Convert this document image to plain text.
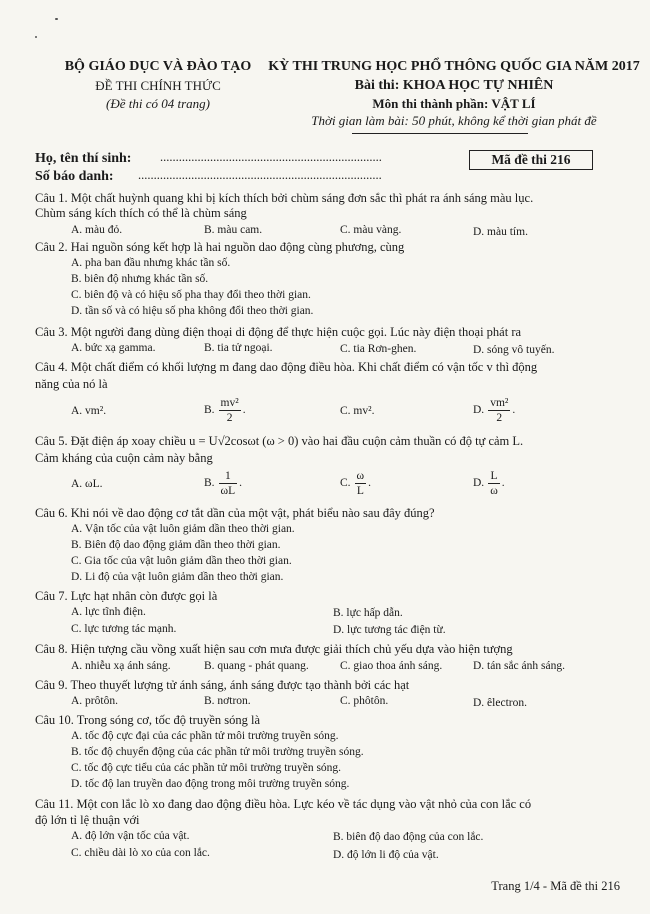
BỘ GIÁO DỤC VÀ ĐÀO TẠO
ĐỀ THI CHÍNH THỨC
(Đề thi có 04 trang)
KỲ THI TRUNG HỌC PHỔ THÔNG QUỐC GIA NĂM 2017
Bài thi: KHOA HỌC TỰ NHIÊN
Môn thi thành phần: VẬT LÍ
Thời gian làm bài: 50 phút, không kể thời gian phát đề
Họ, tên thí sinh: .......................................................................
Số báo danh: ..............................................................................
Mã đề thi 216
Câu 1. Một chất huỳnh quang khi bị kích thích bởi chùm sáng đơn sắc thì phát ra ánh sáng màu lục.
Chùm sáng kích thích có thể là chùm sáng
A. màu đỏ.	B. màu cam.	C. màu vàng.	D. màu tím.
Câu 2. Hai nguồn sóng kết hợp là hai nguồn dao động cùng phương, cùng
A. pha ban đầu nhưng khác tần số.
B. biên độ nhưng khác tần số.
C. biên độ và có hiệu số pha thay đổi theo thời gian.
D. tần số và có hiệu số pha không đổi theo thời gian.
Câu 3. Một người đang dùng điện thoại di động để thực hiện cuộc gọi. Lúc này điện thoại phát ra
A. bức xạ gamma.	B. tia tử ngoại.	C. tia Rơn-ghen.	D. sóng vô tuyến.
Câu 4. Một chất điểm có khối lượng m đang dao động điều hòa. Khi chất điểm có vận tốc v thì động
năng của nó là
A. vm².	B. $\frac{\text{mv²}}{2}$ .	C. mv².	D. $\frac{\text{vm²}}{2}$ .
Câu 5. Đặt điện áp xoay chiều u = U√2cosωt (ω > 0) vào hai đầu cuộn cảm thuần có độ tự cảm L.
Cảm kháng của cuộn cảm này bằng
A. ωL.	B. $\frac{1}{\omega L}$ .	C. $\frac{\omega}{L}$ .	D. $\frac{L}{\omega}$ .
Câu 6. Khi nói về dao động cơ tắt dần của một vật, phát biểu nào sau đây đúng?
A. Vận tốc của vật luôn giảm dần theo thời gian.
B. Biên độ dao động giảm dần theo thời gian.
C. Gia tốc của vật luôn giảm dần theo thời gian.
D. Li độ của vật luôn giảm dần theo thời gian.
Câu 7. Lực hạt nhân còn được gọi là
A. lực tĩnh điện.	B. lực hấp dẫn.
C. lực tương tác mạnh.	D. lực tương tác điện từ.
Câu 8. Hiện tượng cầu vồng xuất hiện sau cơn mưa được giải thích chủ yếu dựa vào hiện tượng
A. nhiễu xạ ánh sáng.	B. quang - phát quang.	C. giao thoa ánh sáng.	D. tán sắc ánh sáng.
Câu 9. Theo thuyết lượng tử ánh sáng, ánh sáng được tạo thành bởi các hạt
A. prôtôn.	B. nơtron.	C. phôtôn.	D. êlectron.
Câu 10. Trong sóng cơ, tốc độ truyền sóng là
A. tốc độ cực đại của các phần tử môi trường truyền sóng.
B. tốc độ chuyển động của các phần tử môi trường truyền sóng.
C. tốc độ cực tiểu của các phần tử môi trường truyền sóng.
D. tốc độ lan truyền dao động trong môi trường truyền sóng.
Câu 11. Một con lắc lò xo đang dao động điều hòa. Lực kéo về tác dụng vào vật nhỏ của con lắc có
độ lớn tỉ lệ thuận với
A. độ lớn vận tốc của vật.	B. biên độ dao động của con lắc.
C. chiều dài lò xo của con lắc.	D. độ lớn li độ của vật.
Trang 1/4 - Mã đề thi 216
